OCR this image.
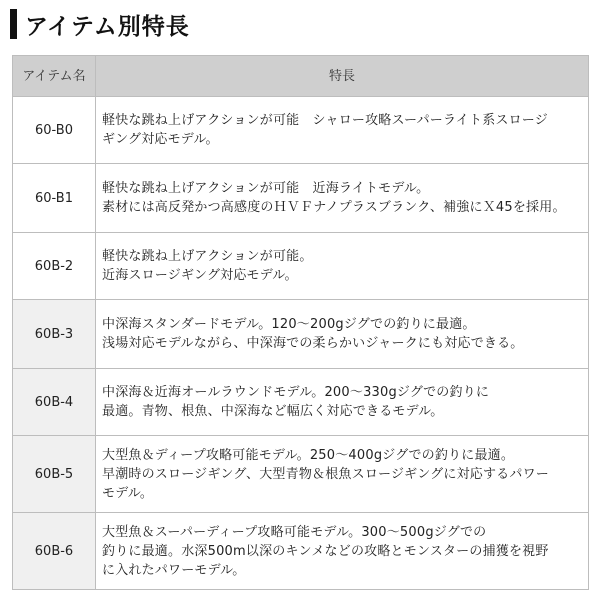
アイテム別特長
アイテム名	特長
60-B0	軽快な跳ね上げアクションが可能　シャロー攻略スーパーライト系スロージ
ギング対応モデル。

60-B1	軽快な跳ね上げアクションが可能　近海ライトモデル。
素材には高反発かつ高感度のＨＶＦナノプラスブランク、補強にＸ45を採用。

60B-2	軽快な跳ね上げアクションが可能。
近海スロージギング対応モデル。

60B-3	中深海スタンダードモデル。120～200gジグでの釣りに最適。
浅場対応モデルながら、中深海での柔らかいジャークにも対応できる。

60B-4	中深海＆近海オールラウンドモデル。200～330gジグでの釣りに
最適。青物、根魚、中深海など幅広く対応できるモデル。

60B-5	大型魚＆ディープ攻略可能モデル。250～400gジグでの釣りに最適。
早潮時のスロージギング、大型青物＆根魚スロージギングに対応するパワー
モデル。

60B-6	大型魚＆スーパーディープ攻略可能モデル。300～500gジグでの
釣りに最適。水深500m以深のキンメなどの攻略とモンスターの捕獲を視野
に入れたパワーモデル。
